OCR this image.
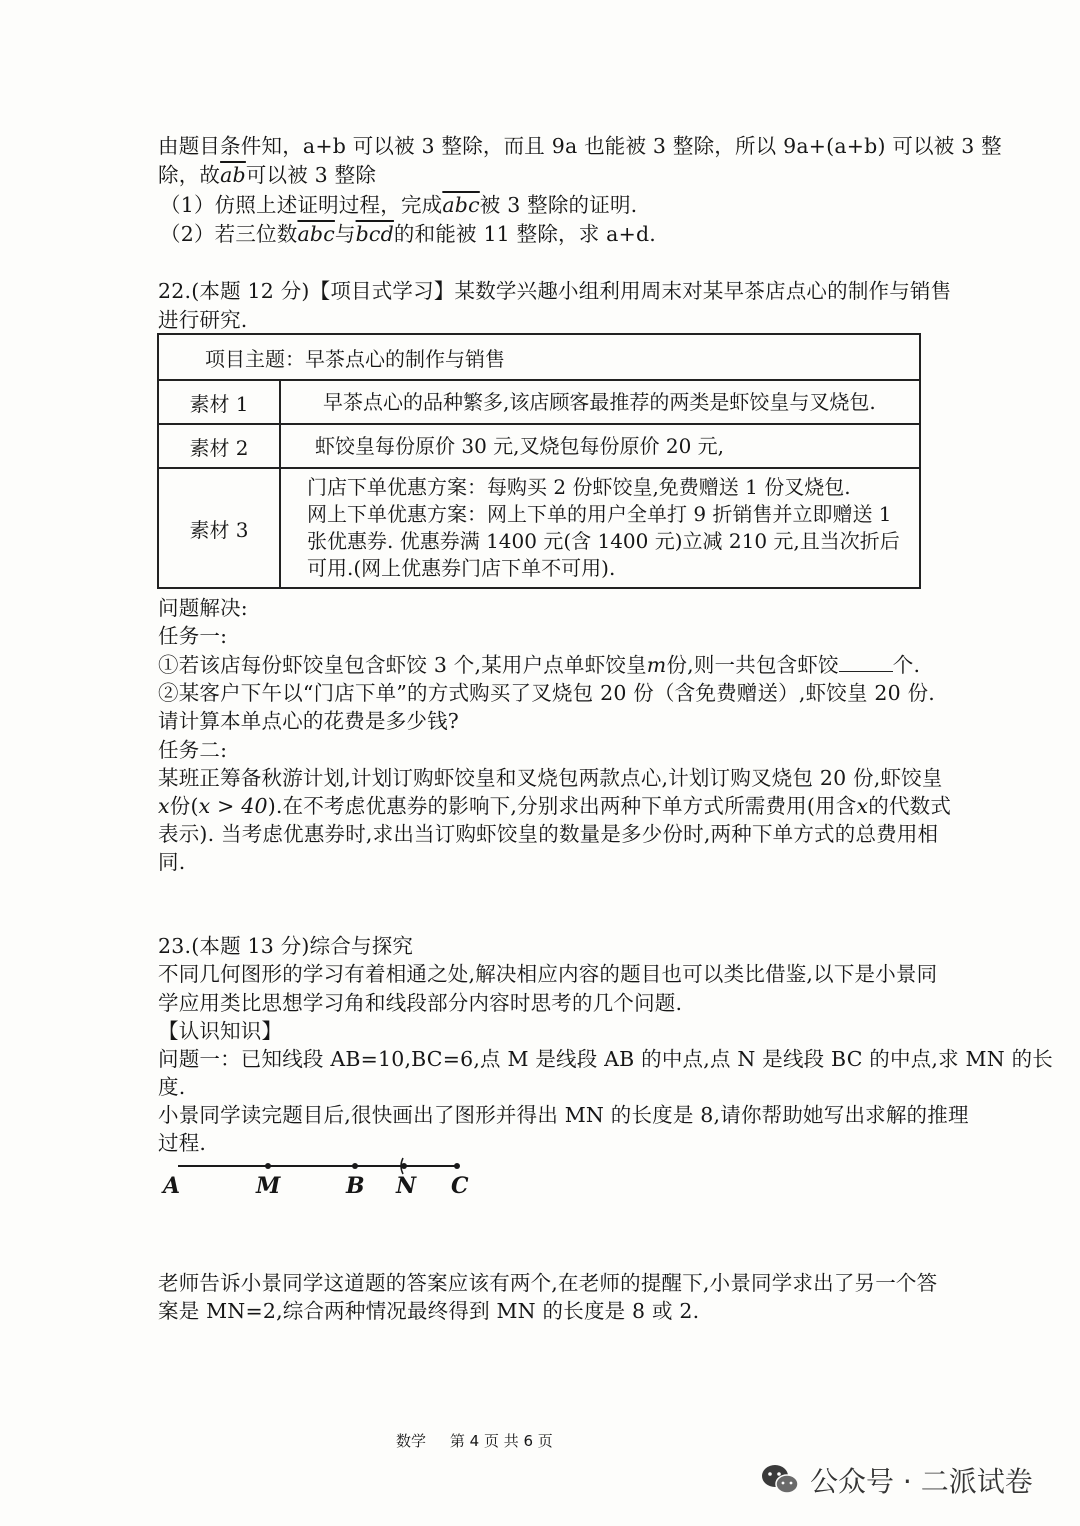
由题目条件知，a+b 可以被 3 整除，而且 9a 也能被 3 整除，所以 9a+(a+b) 可以被 3 整
除，故$\overline{ab}$可以被 3 整除
（1）仿照上述证明过程，完成$\overline{abc}$被 3 整除的证明.
（2）若三位数$\overline{abc}$与$\overline{bcd}$的和能被 11 整除，求 a+d.
22.(本题 12 分)【项目式学习】某数学兴趣小组利用周末对某早茶店点心的制作与销售
进行研究.
项目主题：早茶点心的制作与销售	
素材 1	早茶点心的品种繁多,该店顾客最推荐的两类是虾饺皇与叉烧包.
素材 2	虾饺皇每份原价 30 元,叉烧包每份原价 20 元,
素材 3	门店下单优惠方案：每购买 2 份虾饺皇,免费赠送 1 份叉烧包.
网上下单优惠方案：网上下单的用户全单打 9 折销售并立即赠送 1
张优惠券. 优惠券满 1400 元(含 1400 元)立减 210 元,且当次折后
可用.(网上优惠券门店下单不可用).
问题解决:
任务一:
①若该店每份虾饺皇包含虾饺 3 个,某用户点单虾饺皇m份,则一共包含虾饺	个.
②某客户下午以“门店下单”的方式购买了叉烧包 20 份（含免费赠送）,虾饺皇 20 份.
请计算本单点心的花费是多少钱?
任务二:
某班正筹备秋游计划,计划订购虾饺皇和叉烧包两款点心,计划订购叉烧包 20 份,虾饺皇
x份(x > 40).在不考虑优惠券的影响下,分别求出两种下单方式所需费用(用含x的代数式
表示). 当考虑优惠券时,求出当订购虾饺皇的数量是多少份时,两种下单方式的总费用相
同.
23.(本题 13 分)综合与探究
不同几何图形的学习有着相通之处,解决相应内容的题目也可以类比借鉴,以下是小景同
学应用类比思想学习角和线段部分内容时思考的几个问题.
【认识知识】
问题一：已知线段 AB=10,BC=6,点 M 是线段 AB 的中点,点 N 是线段 BC 的中点,求 MN 的长
度.
小景同学读完题目后,很快画出了图形并得出 MN 的长度是 8,请你帮助她写出求解的推理
过程.
A	M	B N C
老师告诉小景同学这道题的答案应该有两个,在老师的提醒下,小景同学求出了另一个答
案是 MN=2,综合两种情况最终得到 MN 的长度是 8 或 2.
数学 第 4 页 共 6 页
公众号 · 二派试卷
